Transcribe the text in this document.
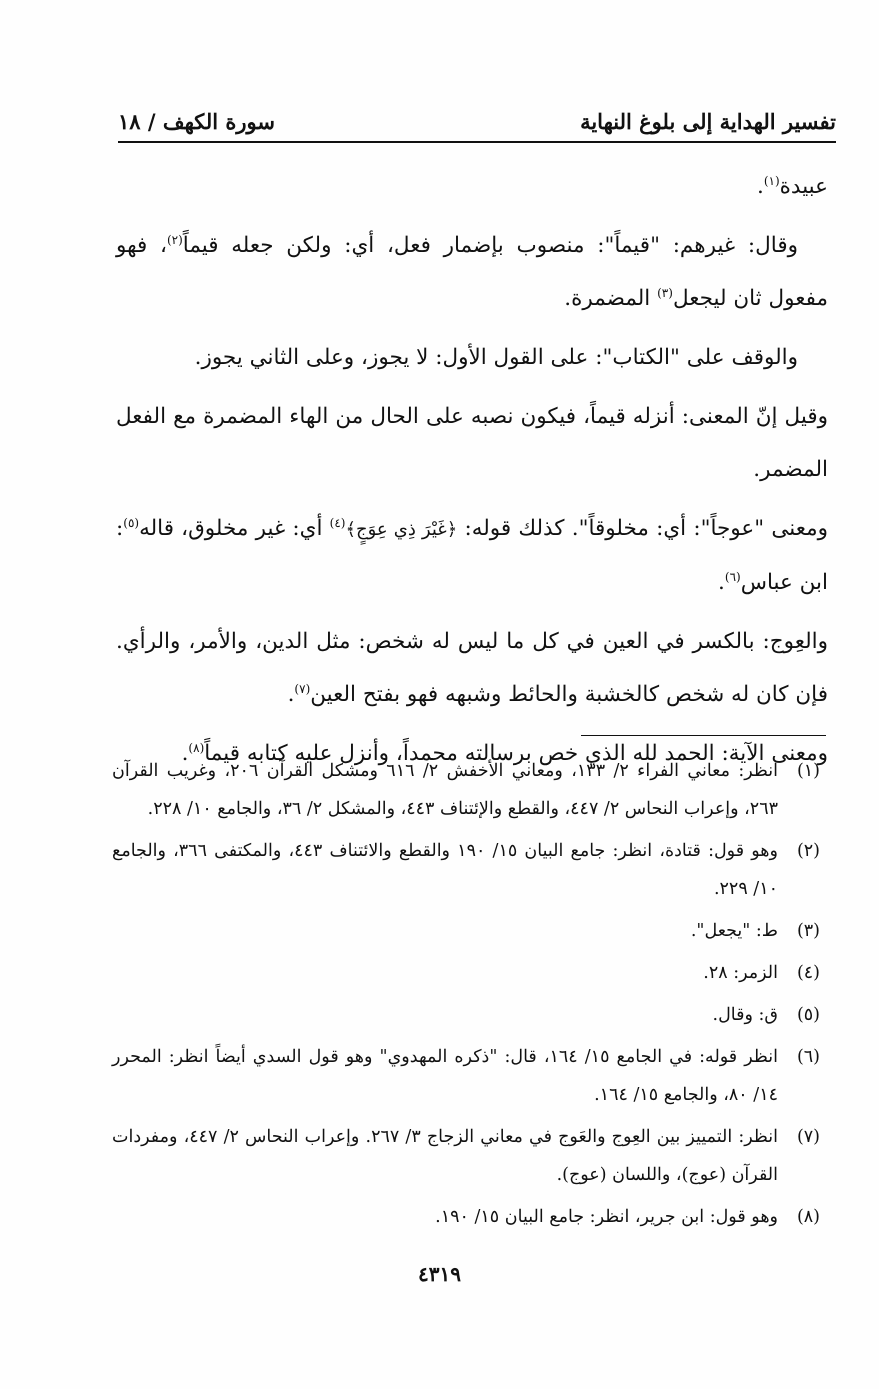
تفسير الهداية إلى بلوغ النهاية
سورة الكهف / ١٨

عبيدة$^{(١)}$.

وقال: غيرهم: "قيماً": منصوب بإضمار فعل، أي: ولكن جعله قيماً$^{(٢)}$، فهو مفعول ثان ليجعل$^{(٣)}$ المضمرة.

والوقف على "الكتاب": على القول الأول: لا يجوز، وعلى الثاني يجوز.

وقيل إنّ المعنى: أنزله قيماً، فيكون نصبه على الحال من الهاء المضمرة مع الفعل المضمر.

ومعنى "عوجاً": أي: مخلوقاً". كذلك قوله: ﴿غَيْرَ ذِي عِوَجٍ﴾$^{(٤)}$ أي: غير مخلوق، قاله$^{(٥)}$: ابن عباس$^{(٦)}$.

والعِوج: بالكسر في العين في كل ما ليس له شخص: مثل الدين، والأمر، والرأي. فإن كان له شخص كالخشبة والحائط وشبهه فهو بفتح العين$^{(٧)}$.

ومعنى الآية: الحمد لله الذي خص برسالته محمداً، وأنزل عليه كتابه قيماً$^{(٨)}$.

(١)
انظر: معاني الفراء ٢/ ١٣٣، ومعاني الأخفش ٢/ ٦١٦ ومشكل القرآن ٢٠٦، وغريب القرآن ٢٦٣، وإعراب النحاس ٢/ ٤٤٧، والقطع والإئتناف ٤٤٣، والمشكل ٢/ ٣٦، والجامع ١٠/ ٢٢٨.
(٢)
وهو قول: قتادة، انظر: جامع البيان ١٥/ ١٩٠ والقطع والائتناف ٤٤٣، والمكتفى ٣٦٦، والجامع ١٠/ ٢٢٩.
(٣)
ط: "يجعل".
(٤)
الزمر: ٢٨.
(٥)
ق: وقال.
(٦)
انظر قوله: في الجامع ١٥/ ١٦٤، قال: "ذكره المهدوي" وهو قول السدي أيضاً انظر: المحرر ١٤/ ٨٠، والجامع ١٥/ ١٦٤.
(٧)
انظر: التمييز بين العِوج والعَوج في معاني الزجاج ٣/ ٢٦٧. وإعراب النحاس ٢/ ٤٤٧، ومفردات القرآن (عوج)، واللسان (عوج).
(٨)
وهو قول: ابن جرير، انظر: جامع البيان ١٥/ ١٩٠.
٤٣١٩
